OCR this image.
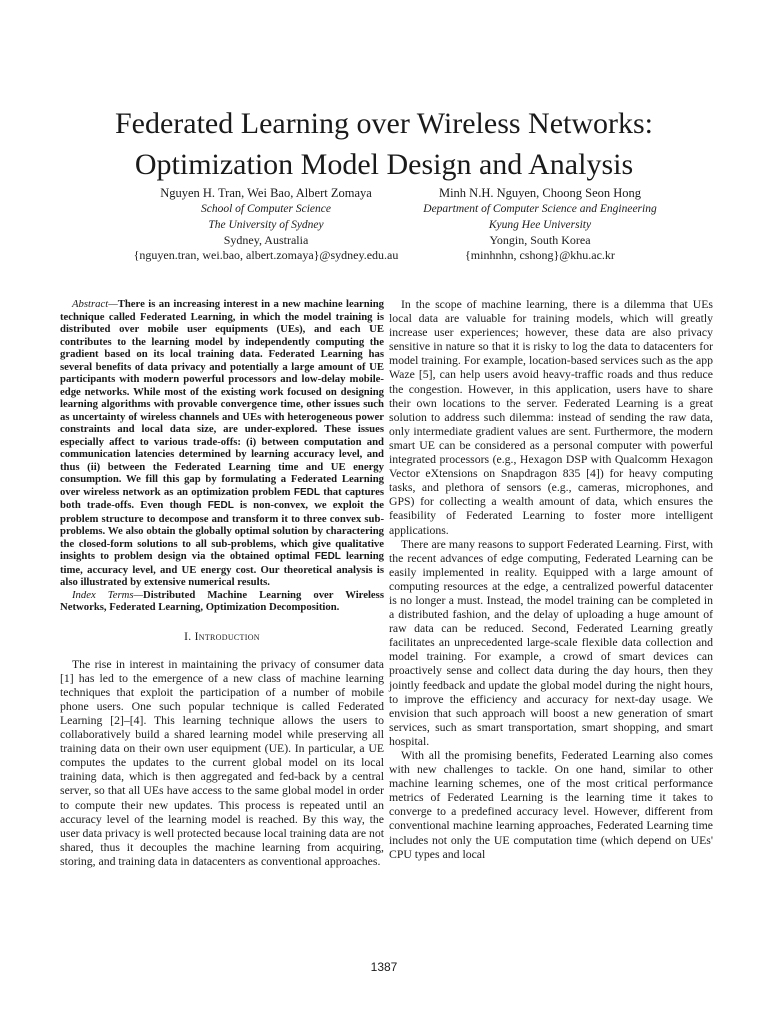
Federated Learning over Wireless Networks:
Optimization Model Design and Analysis
Nguyen H. Tran, Wei Bao, Albert Zomaya
School of Computer Science
The University of Sydney
Sydney, Australia
{nguyen.tran, wei.bao, albert.zomaya}@sydney.edu.au
Minh N.H. Nguyen, Choong Seon Hong
Department of Computer Science and Engineering
Kyung Hee University
Yongin, South Korea
{minhnhn, cshong}@khu.ac.kr

Abstract—There is an increasing interest in a new machine learning technique called Federated Learning, in which the model training is distributed over mobile user equipments (UEs), and each UE contributes to the learning model by independently computing the gradient based on its local training data. Federated Learning has several benefits of data privacy and potentially a large amount of UE participants with modern powerful processors and low-delay mobile-edge networks. While most of the existing work focused on designing learning algorithms with provable convergence time, other issues such as uncertainty of wireless channels and UEs with heterogeneous power constraints and local data size, are under-explored. These issues especially affect to various trade-offs: (i) between computation and communication latencies determined by learning accuracy level, and thus (ii) between the Federated Learning time and UE energy consumption. We fill this gap by formulating a Federated Learning over wireless network as an optimization problem FEDL that captures both trade-offs. Even though FEDL is non-convex, we exploit the problem structure to decompose and transform it to three convex sub-problems. We also obtain the globally optimal solution by charactering the closed-form solutions to all sub-problems, which give qualitative insights to problem design via the obtained optimal FEDL learning time, accuracy level, and UE energy cost. Our theoretical analysis is also illustrated by extensive numerical results.

Index Terms—Distributed Machine Learning over Wireless Networks, Federated Learning, Optimization Decomposition.

I. Introduction

The rise in interest in maintaining the privacy of consumer data [1] has led to the emergence of a new class of machine learning techniques that exploit the participation of a number of mobile phone users. One such popular technique is called Federated Learning [2]–[4]. This learning technique allows the users to collaboratively build a shared learning model while preserving all training data on their own user equipment (UE). In particular, a UE computes the updates to the current global model on its local training data, which is then aggregated and fed-back by a central server, so that all UEs have access to the same global model in order to compute their new updates. This process is repeated until an accuracy level of the learning model is reached. By this way, the user data privacy is well protected because local training data are not shared, thus it decouples the machine learning from acquiring, storing, and training data in datacenters as conventional approaches.

In the scope of machine learning, there is a dilemma that UEs local data are valuable for training models, which will greatly increase user experiences; however, these data are also privacy sensitive in nature so that it is risky to log the data to datacenters for model training. For example, location-based services such as the app Waze [5], can help users avoid heavy-traffic roads and thus reduce the congestion. However, in this application, users have to share their own locations to the server. Federated Learning is a great solution to address such dilemma: instead of sending the raw data, only intermediate gradient values are sent. Furthermore, the modern smart UE can be considered as a personal computer with powerful integrated processors (e.g., Hexagon DSP with Qualcomm Hexagon Vector eXtensions on Snapdragon 835 [4]) for heavy computing tasks, and plethora of sensors (e.g., cameras, microphones, and GPS) for collecting a wealth amount of data, which ensures the feasibility of Federated Learning to foster more intelligent applications.

There are many reasons to support Federated Learning. First, with the recent advances of edge computing, Federated Learning can be easily implemented in reality. Equipped with a large amount of computing resources at the edge, a centralized powerful datacenter is no longer a must. Instead, the model training can be completed in a distributed fashion, and the delay of uploading a huge amount of raw data can be reduced. Second, Federated Learning greatly facilitates an unprecedented large-scale flexible data collection and model training. For example, a crowd of smart devices can proactively sense and collect data during the day hours, then they jointly feedback and update the global model during the night hours, to improve the efficiency and accuracy for next-day usage. We envision that such approach will boost a new generation of smart services, such as smart transportation, smart shopping, and smart hospital.

With all the promising benefits, Federated Learning also comes with new challenges to tackle. On one hand, similar to other machine learning schemes, one of the most critical performance metrics of Federated Learning is the learning time it takes to converge to a predefined accuracy level. However, different from conventional machine learning approaches, Federated Learning time includes not only the UE computation time (which depend on UEs' CPU types and local

1387
